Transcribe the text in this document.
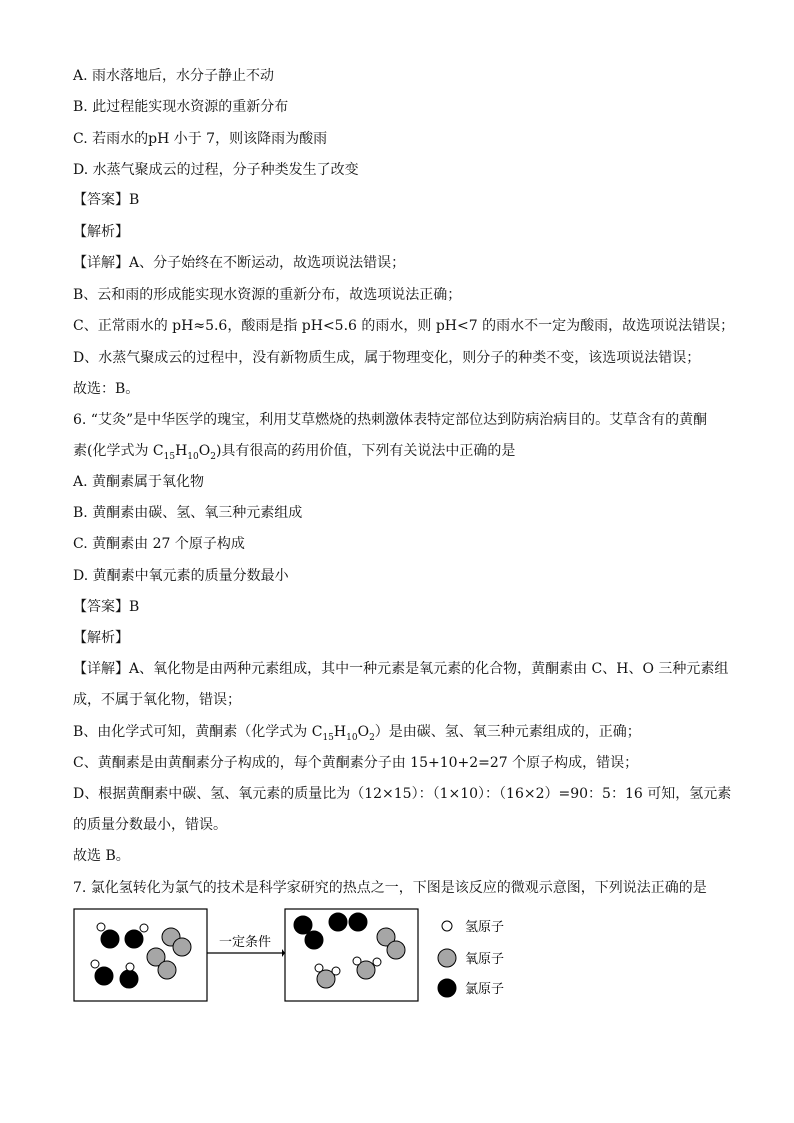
A. 雨水落地后，水分子静止不动
B. 此过程能实现水资源的重新分布
C. 若雨水的pH 小于 7，则该降雨为酸雨
D. 水蒸气聚成云的过程，分子种类发生了改变
【答案】B
【解析】
【详解】A、分子始终在不断运动，故选项说法错误；
B、云和雨的形成能实现水资源的重新分布，故选项说法正确；
C、正常雨水的 pH≈5.6，酸雨是指 pH<5.6 的雨水，则 pH<7 的雨水不一定为酸雨，故选项说法错误；
D、水蒸气聚成云的过程中，没有新物质生成，属于物理变化，则分子的种类不变，该选项说法错误；
故选：B。
6. “艾灸”是中华医学的瑰宝，利用艾草燃烧的热刺激体表特定部位达到防病治病目的。艾草含有的黄酮
素(化学式为 $C_{15}H_{10}O_2$)具有很高的药用价值，下列有关说法中正确的是
A. 黄酮素属于氧化物
B. 黄酮素由碳、氢、氧三种元素组成
C. 黄酮素由 27 个原子构成
D. 黄酮素中氧元素的质量分数最小
【答案】B
【解析】
【详解】A、氧化物是由两种元素组成，其中一种元素是氧元素的化合物，黄酮素由 C、H、O 三种元素组
成，不属于氧化物，错误；
B、由化学式可知，黄酮素（化学式为 $C_{15}H_{10}O_2$）是由碳、氢、氧三种元素组成的，正确；
C、黄酮素是由黄酮素分子构成的，每个黄酮素分子由 15+10+2=27 个原子构成，错误；
D、根据黄酮素中碳、氢、氧元素的质量比为（12×15）：（1×10）：（16×2）=90：5：16 可知，氢元素
的质量分数最小，错误。
故选 B。
7. 氯化氢转化为氯气的技术是科学家研究的热点之一，下图是该反应的微观示意图，下列说法正确的是
一定条件
氢原子
氧原子
氯原子
